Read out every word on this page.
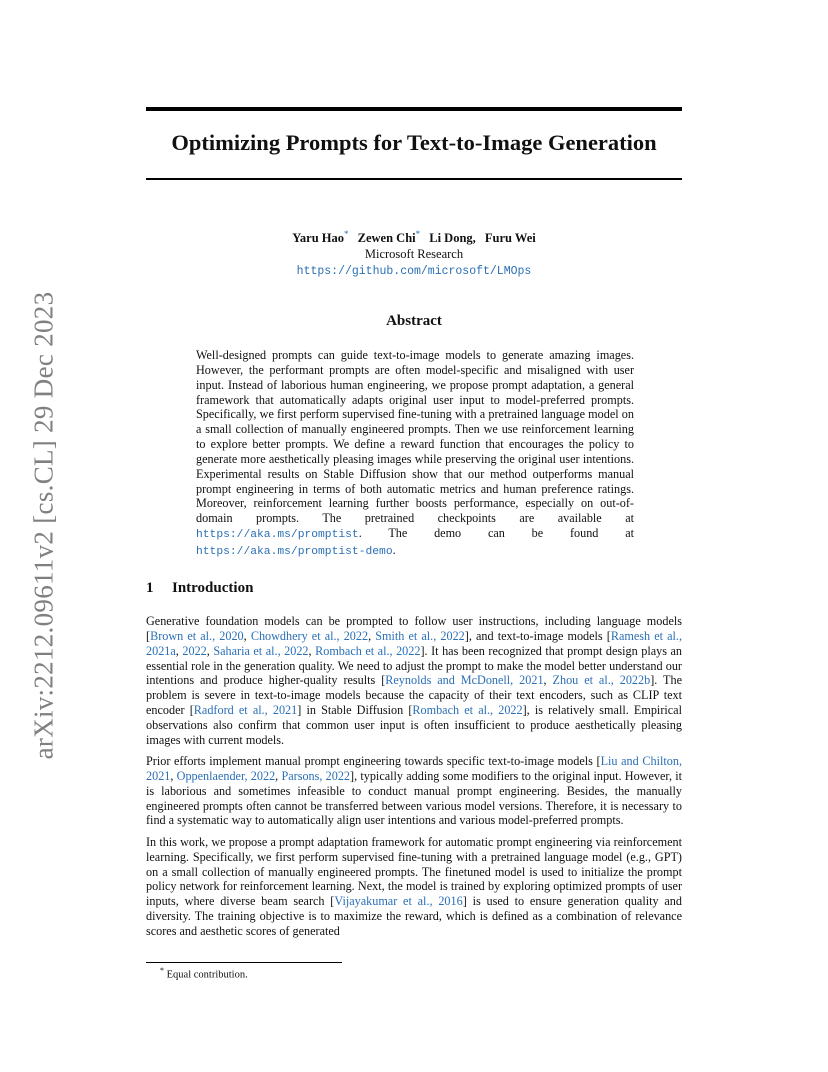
arXiv:2212.09611v2 [cs.CL] 29 Dec 2023
Optimizing Prompts for Text-to-Image Generation
Yaru Hao* Zewen Chi* Li Dong, Furu Wei
Microsoft Research
https://github.com/microsoft/LMOps
Abstract
Well-designed prompts can guide text-to-image models to generate amazing images. However, the performant prompts are often model-specific and misaligned with user input. Instead of laborious human engineering, we propose prompt adaptation, a general framework that automatically adapts original user input to model-preferred prompts. Specifically, we first perform supervised fine-tuning with a pretrained language model on a small collection of manually engineered prompts. Then we use reinforcement learning to explore better prompts. We define a reward function that encourages the policy to generate more aesthetically pleasing images while preserving the original user intentions. Experimental results on Stable Diffusion show that our method outperforms manual prompt engineering in terms of both automatic metrics and human preference ratings. Moreover, reinforcement learning further boosts performance, especially on out-of-domain prompts. The pretrained checkpoints are available at https://aka.ms/promptist. The demo can be found at https://aka.ms/promptist-demo.
1 Introduction

Generative foundation models can be prompted to follow user instructions, including language models [Brown et al., 2020, Chowdhery et al., 2022, Smith et al., 2022], and text-to-image models [Ramesh et al., 2021a, 2022, Saharia et al., 2022, Rombach et al., 2022]. It has been recognized that prompt design plays an essential role in the generation quality. We need to adjust the prompt to make the model better understand our intentions and produce higher-quality results [Reynolds and McDonell, 2021, Zhou et al., 2022b]. The problem is severe in text-to-image models because the capacity of their text encoders, such as CLIP text encoder [Radford et al., 2021] in Stable Diffusion [Rombach et al., 2022], is relatively small. Empirical observations also confirm that common user input is often insufficient to produce aesthetically pleasing images with current models.

Prior efforts implement manual prompt engineering towards specific text-to-image models [Liu and Chilton, 2021, Oppenlaender, 2022, Parsons, 2022], typically adding some modifiers to the original input. However, it is laborious and sometimes infeasible to conduct manual prompt engineering. Besides, the manually engineered prompts often cannot be transferred between various model versions. Therefore, it is necessary to find a systematic way to automatically align user intentions and various model-preferred prompts.

In this work, we propose a prompt adaptation framework for automatic prompt engineering via reinforcement learning. Specifically, we first perform supervised fine-tuning with a pretrained language model (e.g., GPT) on a small collection of manually engineered prompts. The finetuned model is used to initialize the prompt policy network for reinforcement learning. Next, the model is trained by exploring optimized prompts of user inputs, where diverse beam search [Vijayakumar et al., 2016] is used to ensure generation quality and diversity. The training objective is to maximize the reward, which is defined as a combination of relevance scores and aesthetic scores of generated

* Equal contribution.
